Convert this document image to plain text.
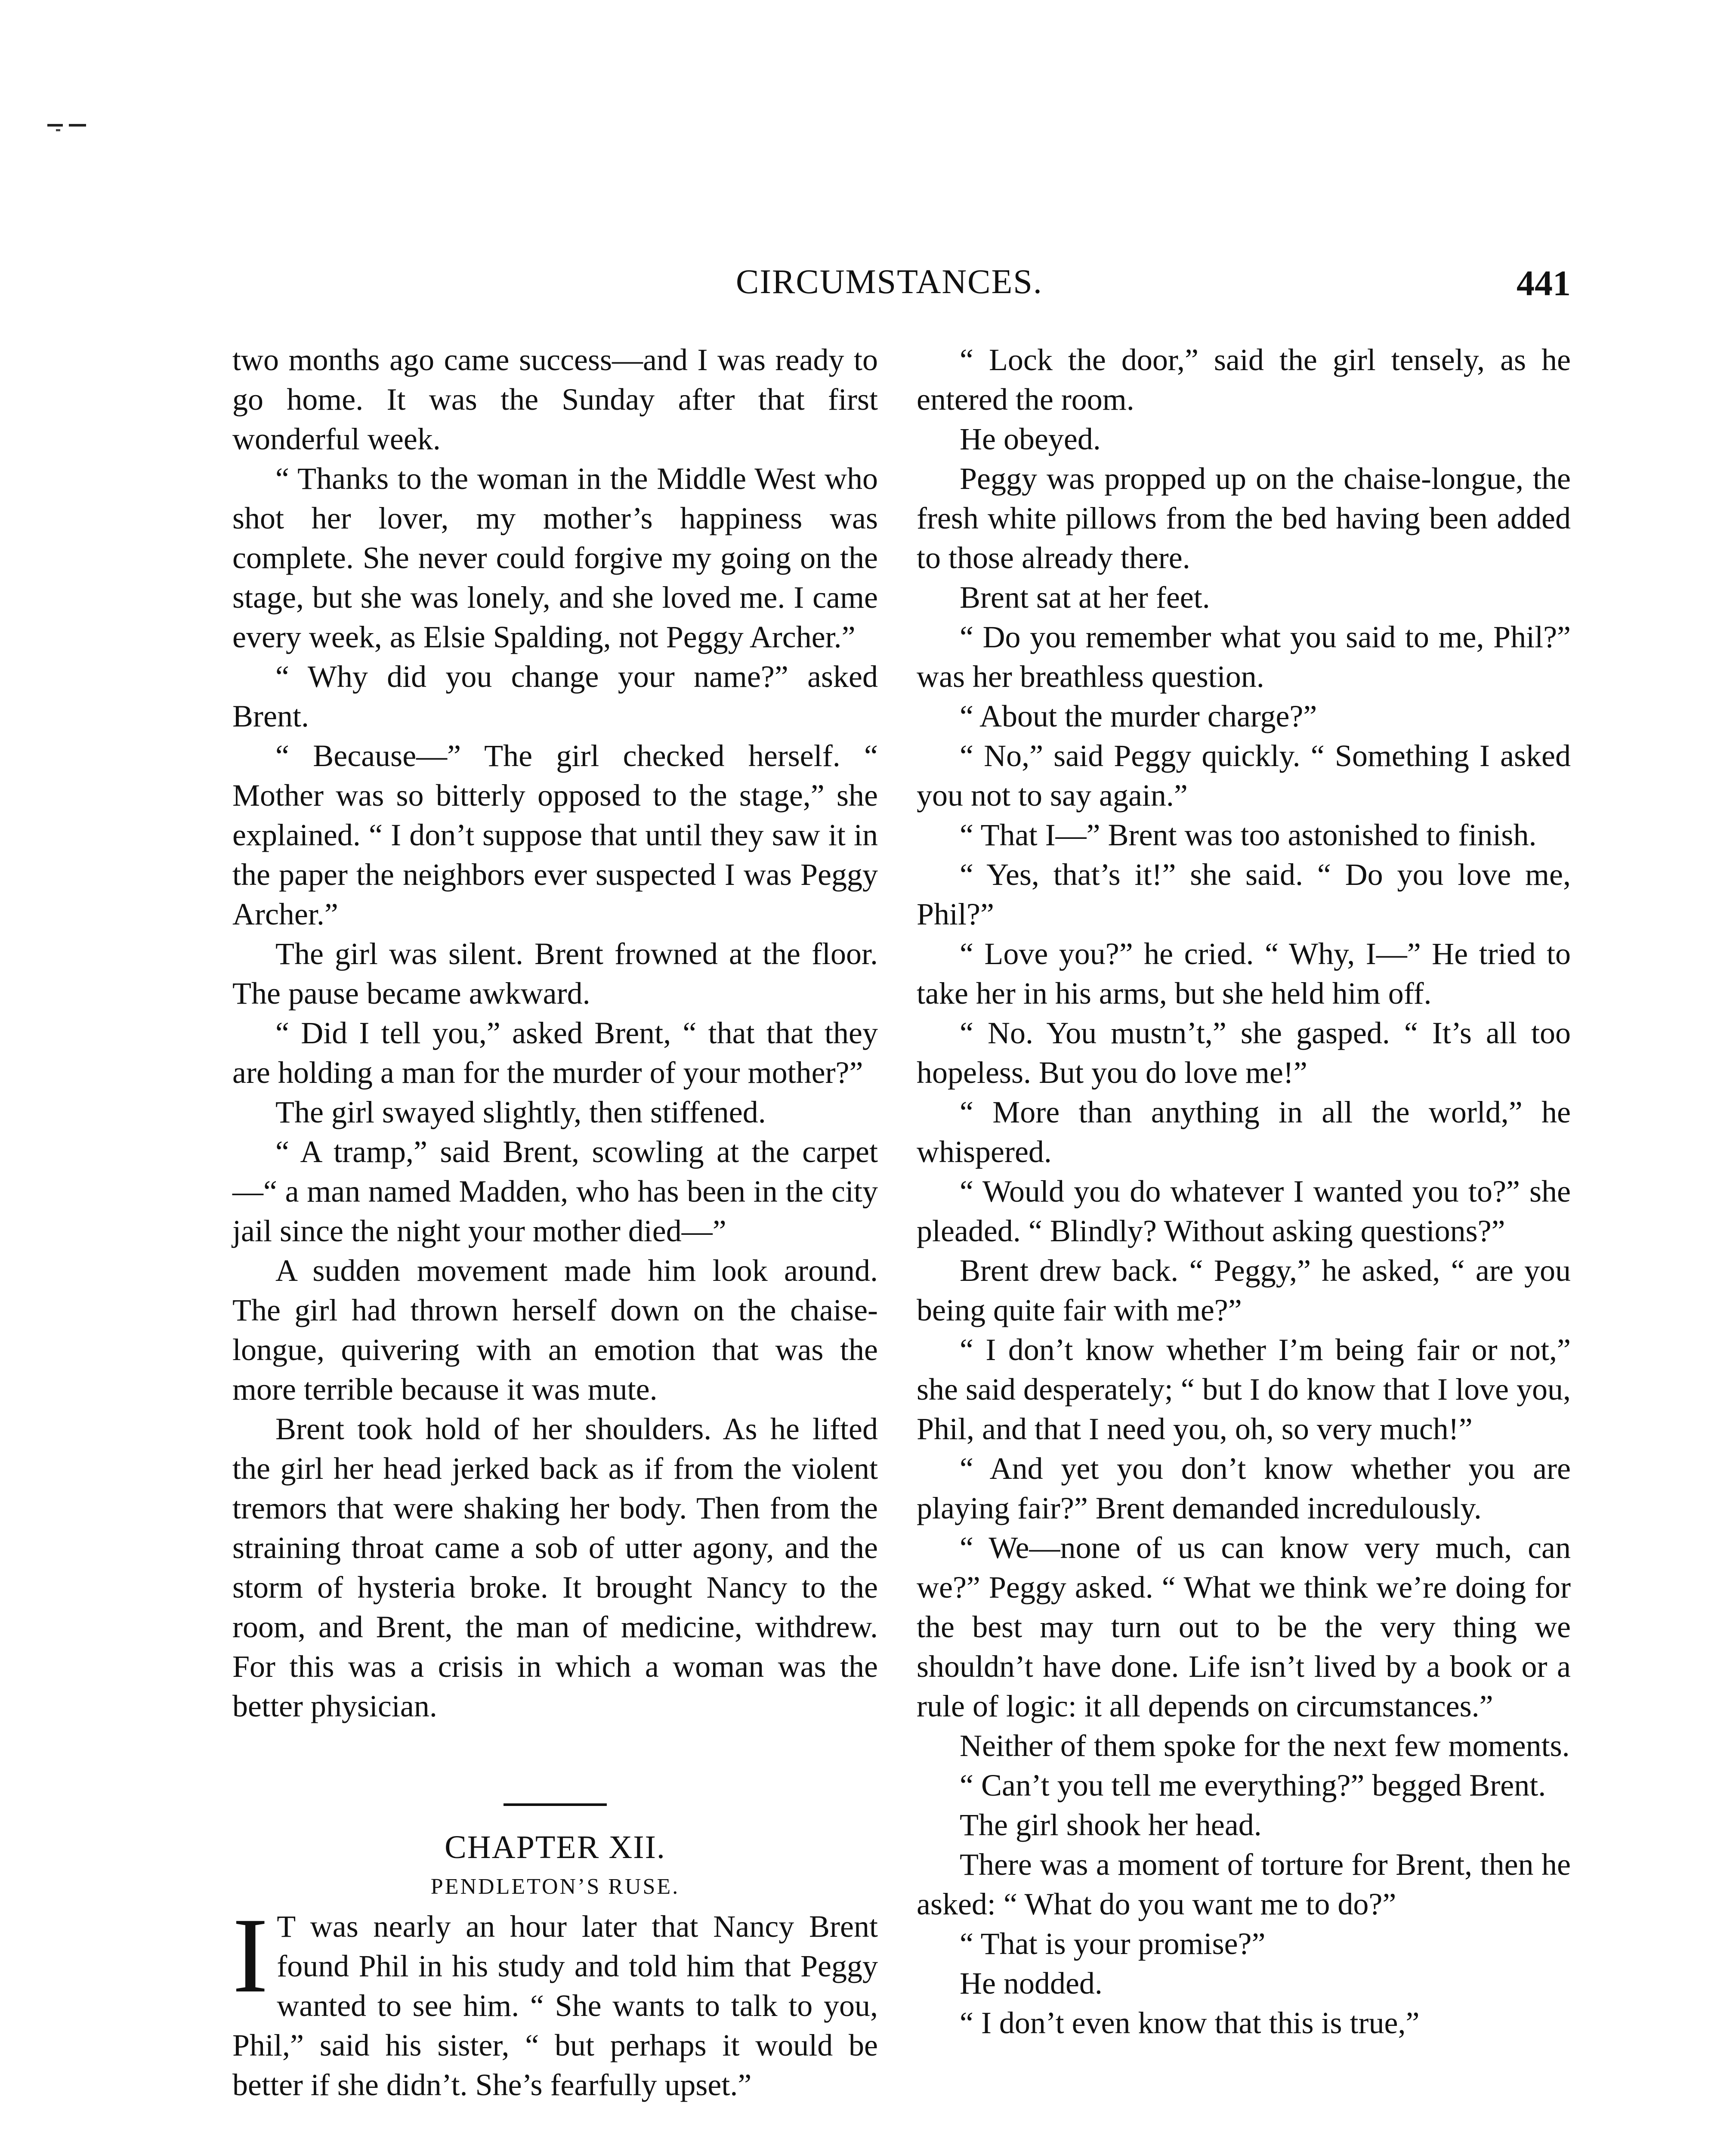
CIRCUMSTANCES.	441

two months ago came success—and I was ready to go home. It was the Sunday after that first wonderful week.

“ Thanks to the woman in the Middle West who shot her lover, my mother’s happiness was complete. She never could forgive my going on the stage, but she was lonely, and she loved me. I came every week, as Elsie Spalding, not Peggy Archer.”

“ Why did you change your name?” asked Brent.

“ Because—” The girl checked herself. “ Mother was so bitterly opposed to the stage,” she explained. “ I don’t suppose that until they saw it in the paper the neighbors ever suspected I was Peggy Archer.”

The girl was silent. Brent frowned at the floor. The pause became awkward.

“ Did I tell you,” asked Brent, “ that that they are holding a man for the murder of your mother?”

The girl swayed slightly, then stiffened.

“ A tramp,” said Brent, scowling at the carpet—“ a man named Madden, who has been in the city jail since the night your mother died—”

A sudden movement made him look around. The girl had thrown herself down on the chaise-longue, quivering with an emotion that was the more terrible because it was mute.

Brent took hold of her shoulders. As he lifted the girl her head jerked back as if from the violent tremors that were shaking her body. Then from the straining throat came a sob of utter agony, and the storm of hysteria broke. It brought Nancy to the room, and Brent, the man of medicine, withdrew. For this was a crisis in which a woman was the better physician.

CHAPTER XII.

PENDLETON’S RUSE.

I T was nearly an hour later that Nancy Brent found Phil in his study and told him that Peggy wanted to see him. “ She wants to talk to you, Phil,” said his sister, “ but perhaps it would be better if she didn’t. She’s fearfully upset.”

“ Lock the door,” said the girl tensely, as he entered the room.

He obeyed.

Peggy was propped up on the chaise-longue, the fresh white pillows from the bed having been added to those already there.

Brent sat at her feet.

“ Do you remember what you said to me, Phil?” was her breathless question.

“ About the murder charge?”

“ No,” said Peggy quickly. “ Something I asked you not to say again.”

“ That I—” Brent was too astonished to finish.

“ Yes, that’s it!” she said. “ Do you love me, Phil?”

“ Love you?” he cried. “ Why, I—” He tried to take her in his arms, but she held him off.

“ No. You mustn’t,” she gasped. “ It’s all too hopeless. But you do love me!”

“ More than anything in all the world,” he whispered.

“ Would you do whatever I wanted you to?” she pleaded. “ Blindly? Without asking questions?”

Brent drew back. “ Peggy,” he asked, “ are you being quite fair with me?”

“ I don’t know whether I’m being fair or not,” she said desperately; “ but I do know that I love you, Phil, and that I need you, oh, so very much!”

“ And yet you don’t know whether you are playing fair?” Brent demanded incredulously.

“ We—none of us can know very much, can we?” Peggy asked. “ What we think we’re doing for the best may turn out to be the very thing we shouldn’t have done. Life isn’t lived by a book or a rule of logic: it all depends on circumstances.”

Neither of them spoke for the next few moments.

“ Can’t you tell me everything?” begged Brent.

The girl shook her head.

There was a moment of torture for Brent, then he asked: “ What do you want me to do?”

“ That is your promise?”

He nodded.

“ I don’t even know that this is true,”
